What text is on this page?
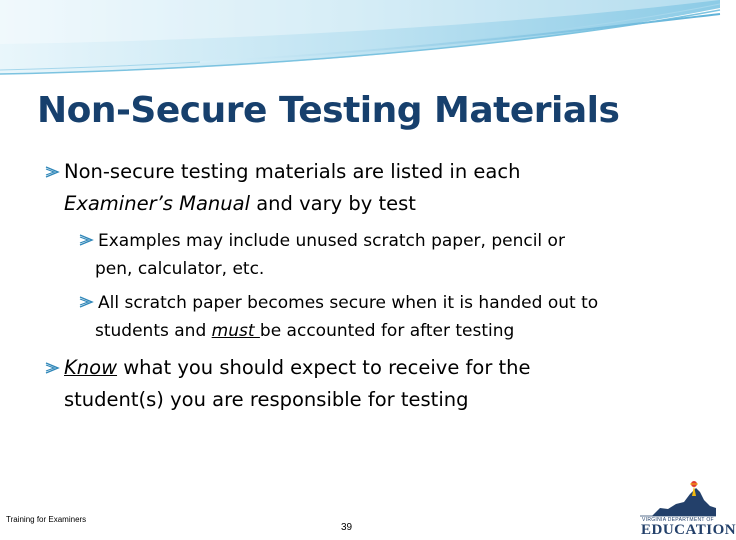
Non-Secure Testing Materials

Non-secure testing materials are listed in each

Examiner’s Manual and vary by test

Examples may include unused scratch paper, pencil or

pen, calculator, etc.

All scratch paper becomes secure when it is handed out to

students and must be accounted for after testing

Know what you should expect to receive for the

student(s) you are responsible for testing

Training for Examiners
39
VIRGINIA DEPARTMENT OF
EDUCATION
